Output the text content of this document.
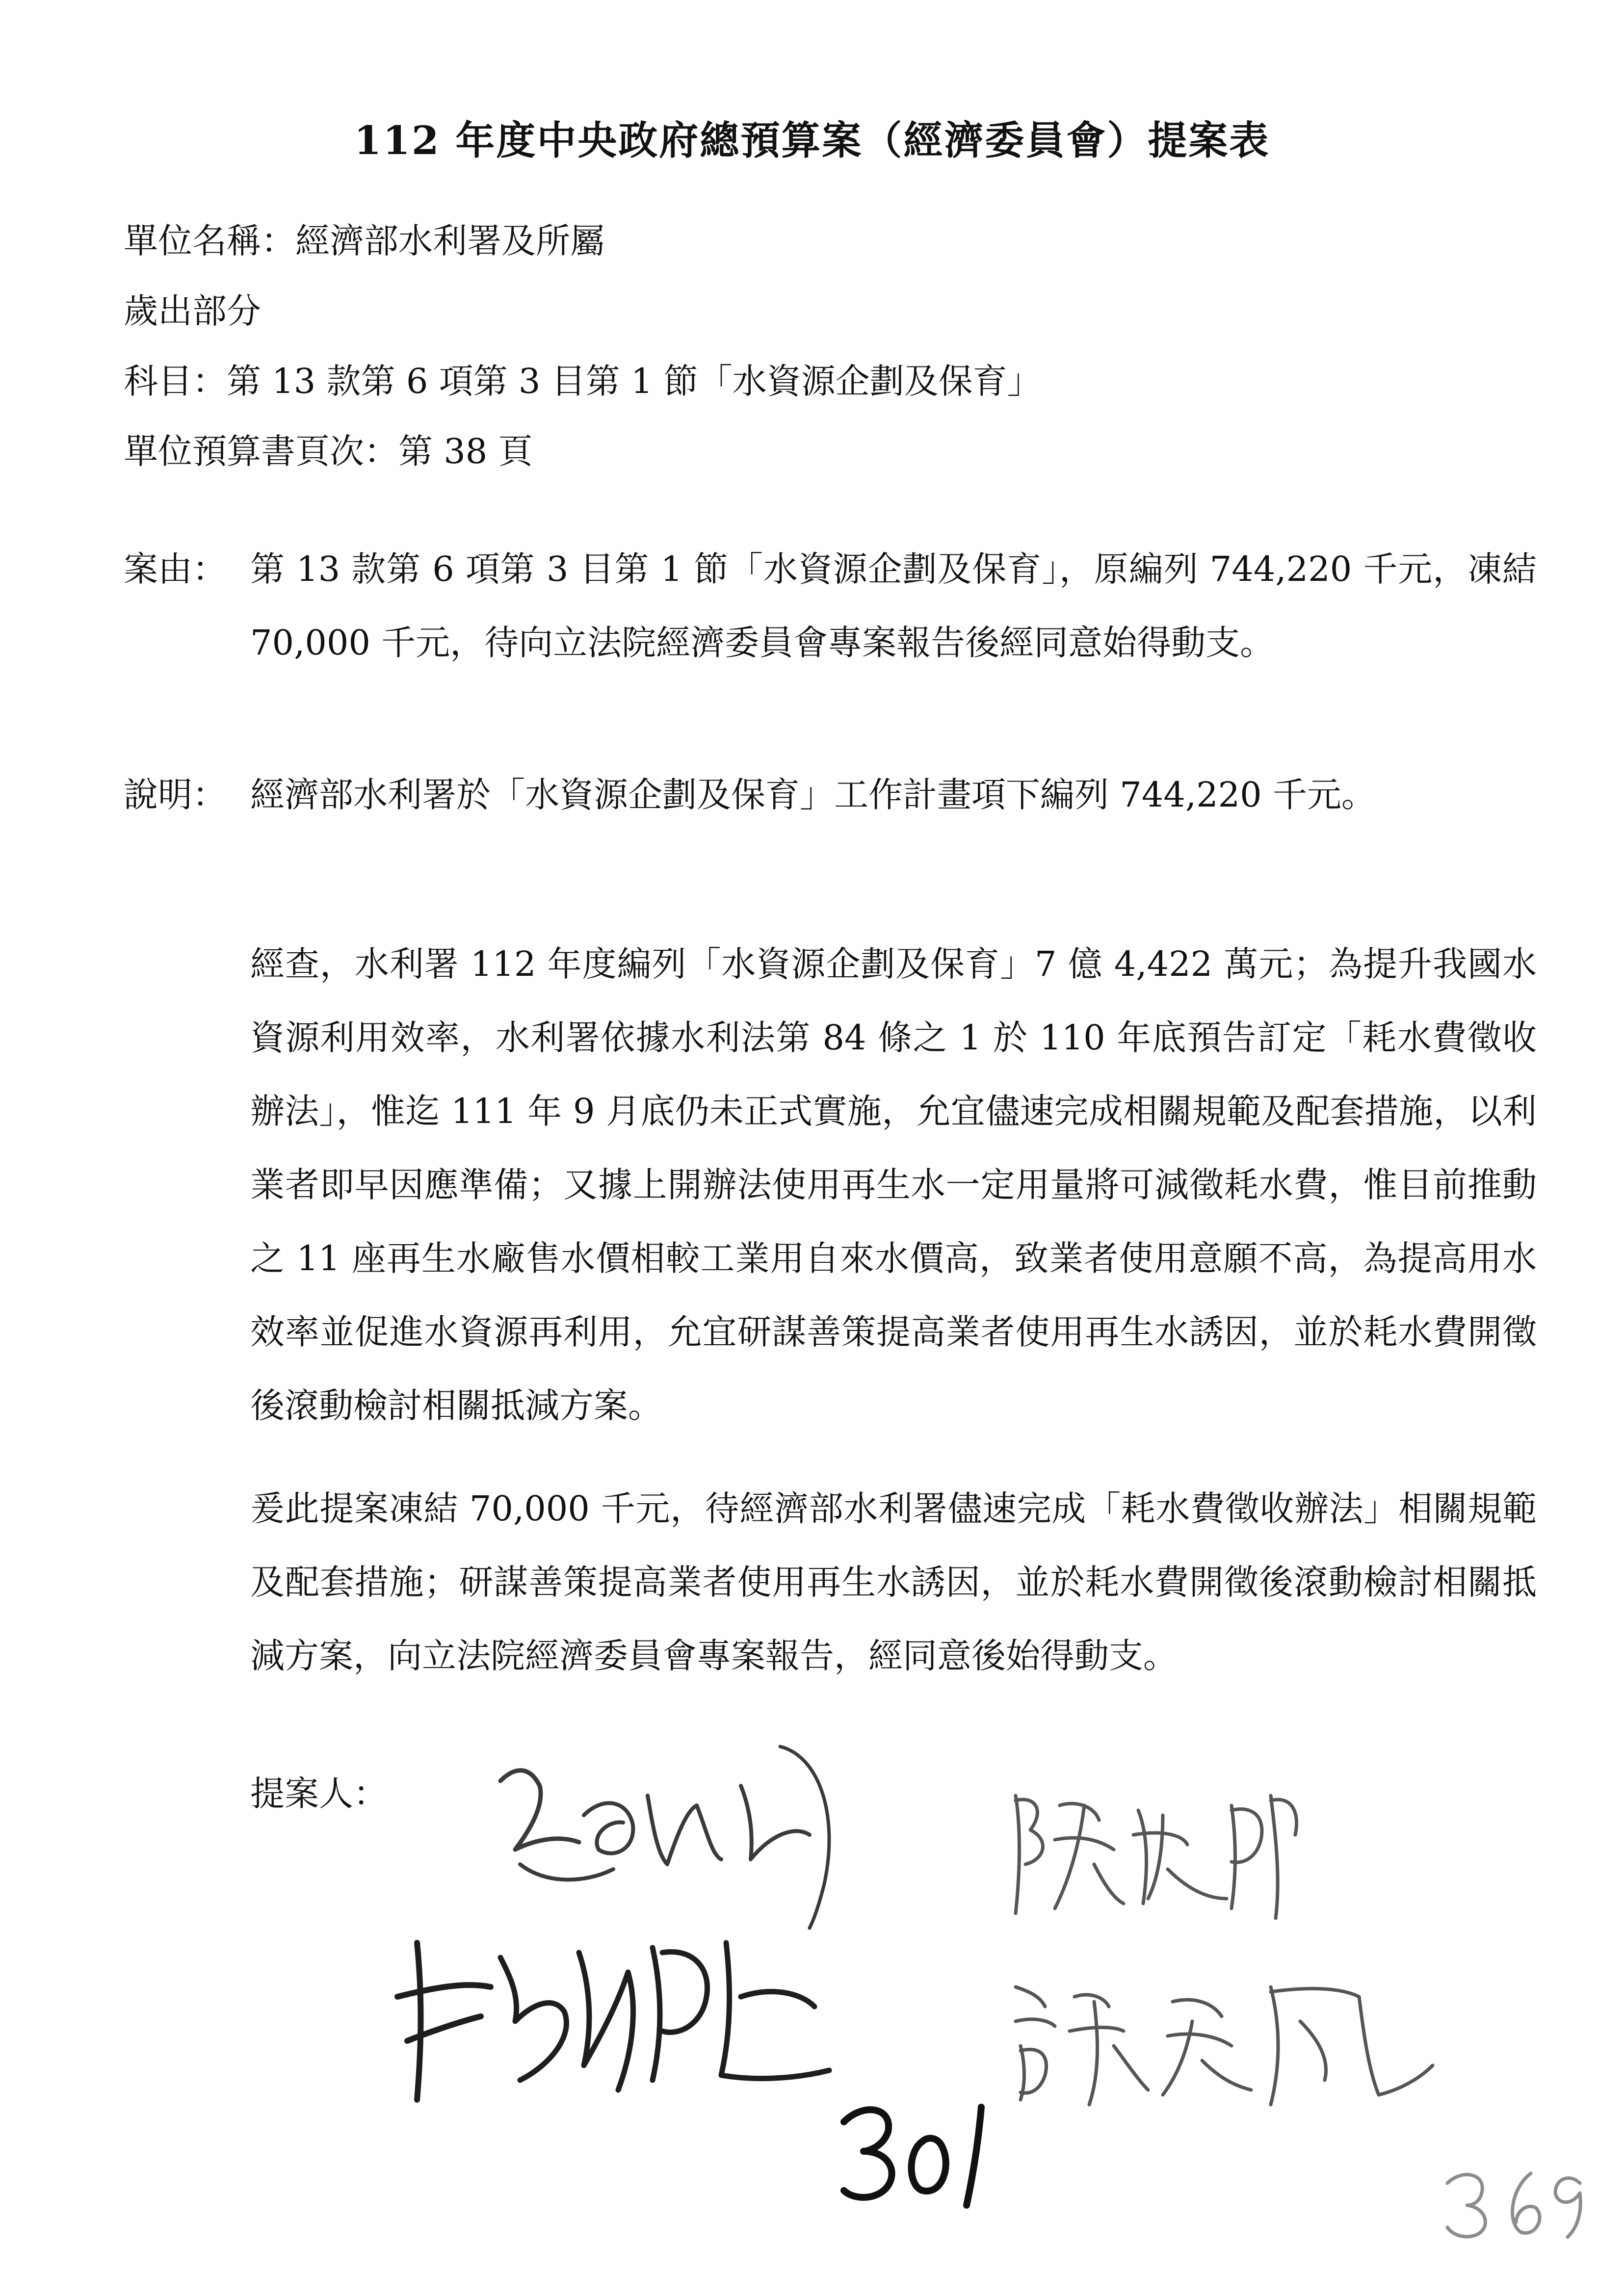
112 年度中央政府總預算案（經濟委員會）提案表
單位名稱：經濟部水利署及所屬
歲出部分
科目：第 13 款第 6 項第 3 目第 1 節「水資源企劃及保育」
單位預算書頁次：第 38 頁
案由： 第 13 款第 6 項第 3 目第 1 節「水資源企劃及保育」，原編列 744,220 千元，凍結 70,000 千元，待向立法院經濟委員會專案報告後經同意始得動支。
說明： 經濟部水利署於「水資源企劃及保育」工作計畫項下編列 744,220 千元。
經查，水利署 112 年度編列「水資源企劃及保育」7 億 4,422 萬元；為提升我國水資源利用效率，水利署依據水利法第 84 條之 1 於 110 年底預告訂定「耗水費徵收辦法」，惟迄 111 年 9 月底仍未正式實施，允宜儘速完成相關規範及配套措施，以利業者即早因應準備；又據上開辦法使用再生水一定用量將可減徵耗水費，惟目前推動之 11 座再生水廠售水價相較工業用自來水價高，致業者使用意願不高，為提高用水效率並促進水資源再利用，允宜研謀善策提高業者使用再生水誘因，並於耗水費開徵後滾動檢討相關抵減方案。
爰此提案凍結 70,000 千元，待經濟部水利署儘速完成「耗水費徵收辦法」相關規範及配套措施；研謀善策提高業者使用再生水誘因，並於耗水費開徵後滾動檢討相關抵減方案，向立法院經濟委員會專案報告，經同意後始得動支。
提案人：
